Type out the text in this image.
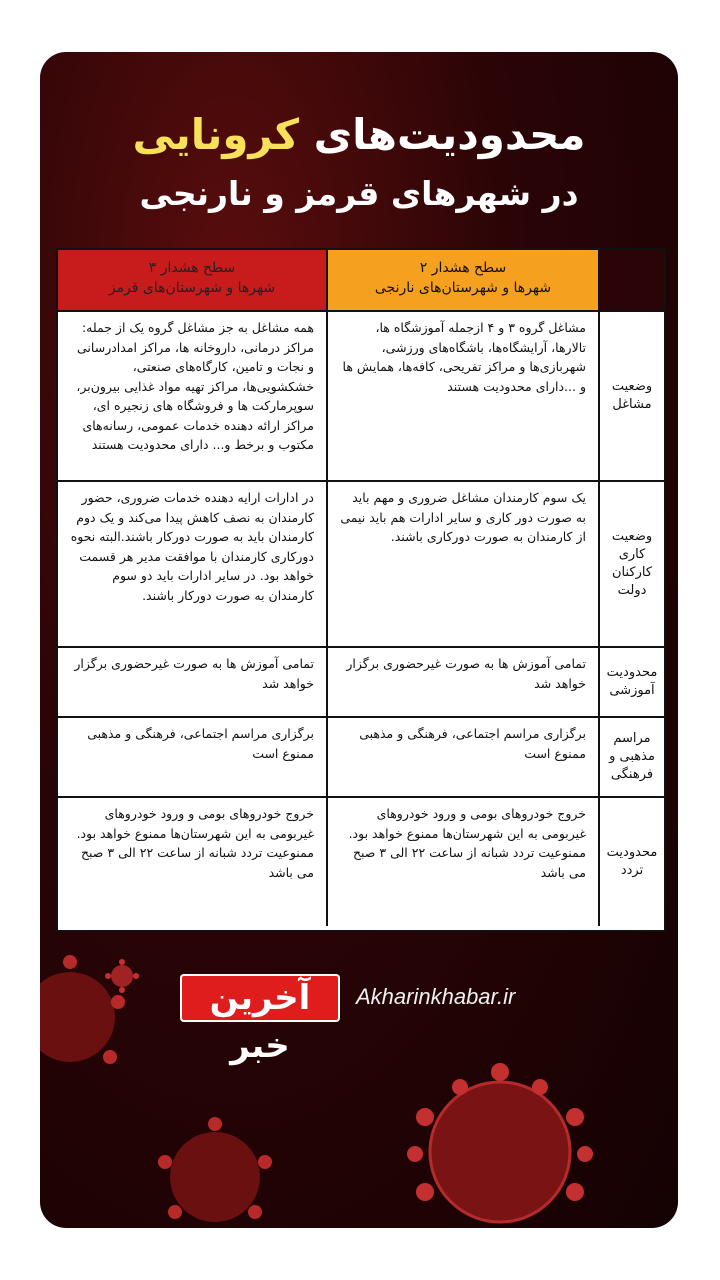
محدودیت‌های کرونایی
در شهرهای قرمز و نارنجی
سطح هشدار ۳
شهرها و شهرستان‌های قرمز
سطح هشدار ۲
شهرها و شهرستان‌های نارنجی
همه مشاغل به جز مشاغل گروه یک از جمله: مراکز درمانی، داروخانه ها، مراکز امدادرسانی و نجات و تامین، کارگاه‌های صنعتی، خشکشویی‌ها، مراکز تهیه مواد غذایی بیرون‌بر، سوپرمارکت ها و فروشگاه های زنجیره ای، مراکز ارائه دهنده خدمات عمومی، رسانه‌های مکتوب و برخط و... دارای محدودیت هستند
مشاغل گروه ۳ و ۴ ازجمله آموزشگاه ها، تالارها، آرایشگاه‌ها، باشگاه‌های ورزشی، شهربازی‌ها و مراکز تفریحی، کافه‌ها، همایش ها و ...دارای محدودیت هستند	وضعیت مشاغل
در ادارات ارایه دهنده خدمات ضروری، حضور کارمندان به نصف کاهش پیدا می‌کند و یک دوم کارمندان باید به صورت دورکار باشند.البته نحوه دورکاری کارمندان با موافقت مدیر هر قسمت خواهد بود. در سایر ادارات باید دو سوم کارمندان به صورت دورکار باشند.
یک سوم کارمندان مشاغل ضروری و مهم باید به صورت دور کاری و سایر ادارات هم باید نیمی از کارمندان به صورت دورکاری باشند.	وضعیت کاری کارکنان دولت
تمامی آموزش ها به صورت غیرحضوری برگزار خواهد شد
تمامی آموزش ها به صورت غیرحضوری برگزار خواهد شد
محدودیت آموزشی
برگزاری مراسم اجتماعی، فرهنگی و مذهبی ممنوع است
برگزاری مراسم اجتماعی، فرهنگی و مذهبی ممنوع است
مراسم مذهبی و فرهنگی
خروج خودروهای بومی و ورود خودروهای غیربومی به این شهرستان‌ها ممنوع خواهد بود. ممنوعیت تردد شبانه از ساعت ۲۲ الی ۳ صبح می باشد
خروج خودروهای بومی و ورود خودروهای غیربومی به این شهرستان‌ها ممنوع خواهد بود. ممنوعیت تردد شبانه از ساعت ۲۲ الی ۳ صبح می باشد
محدودیت تردد
آخرین خبر
Akharinkhabar.ir
